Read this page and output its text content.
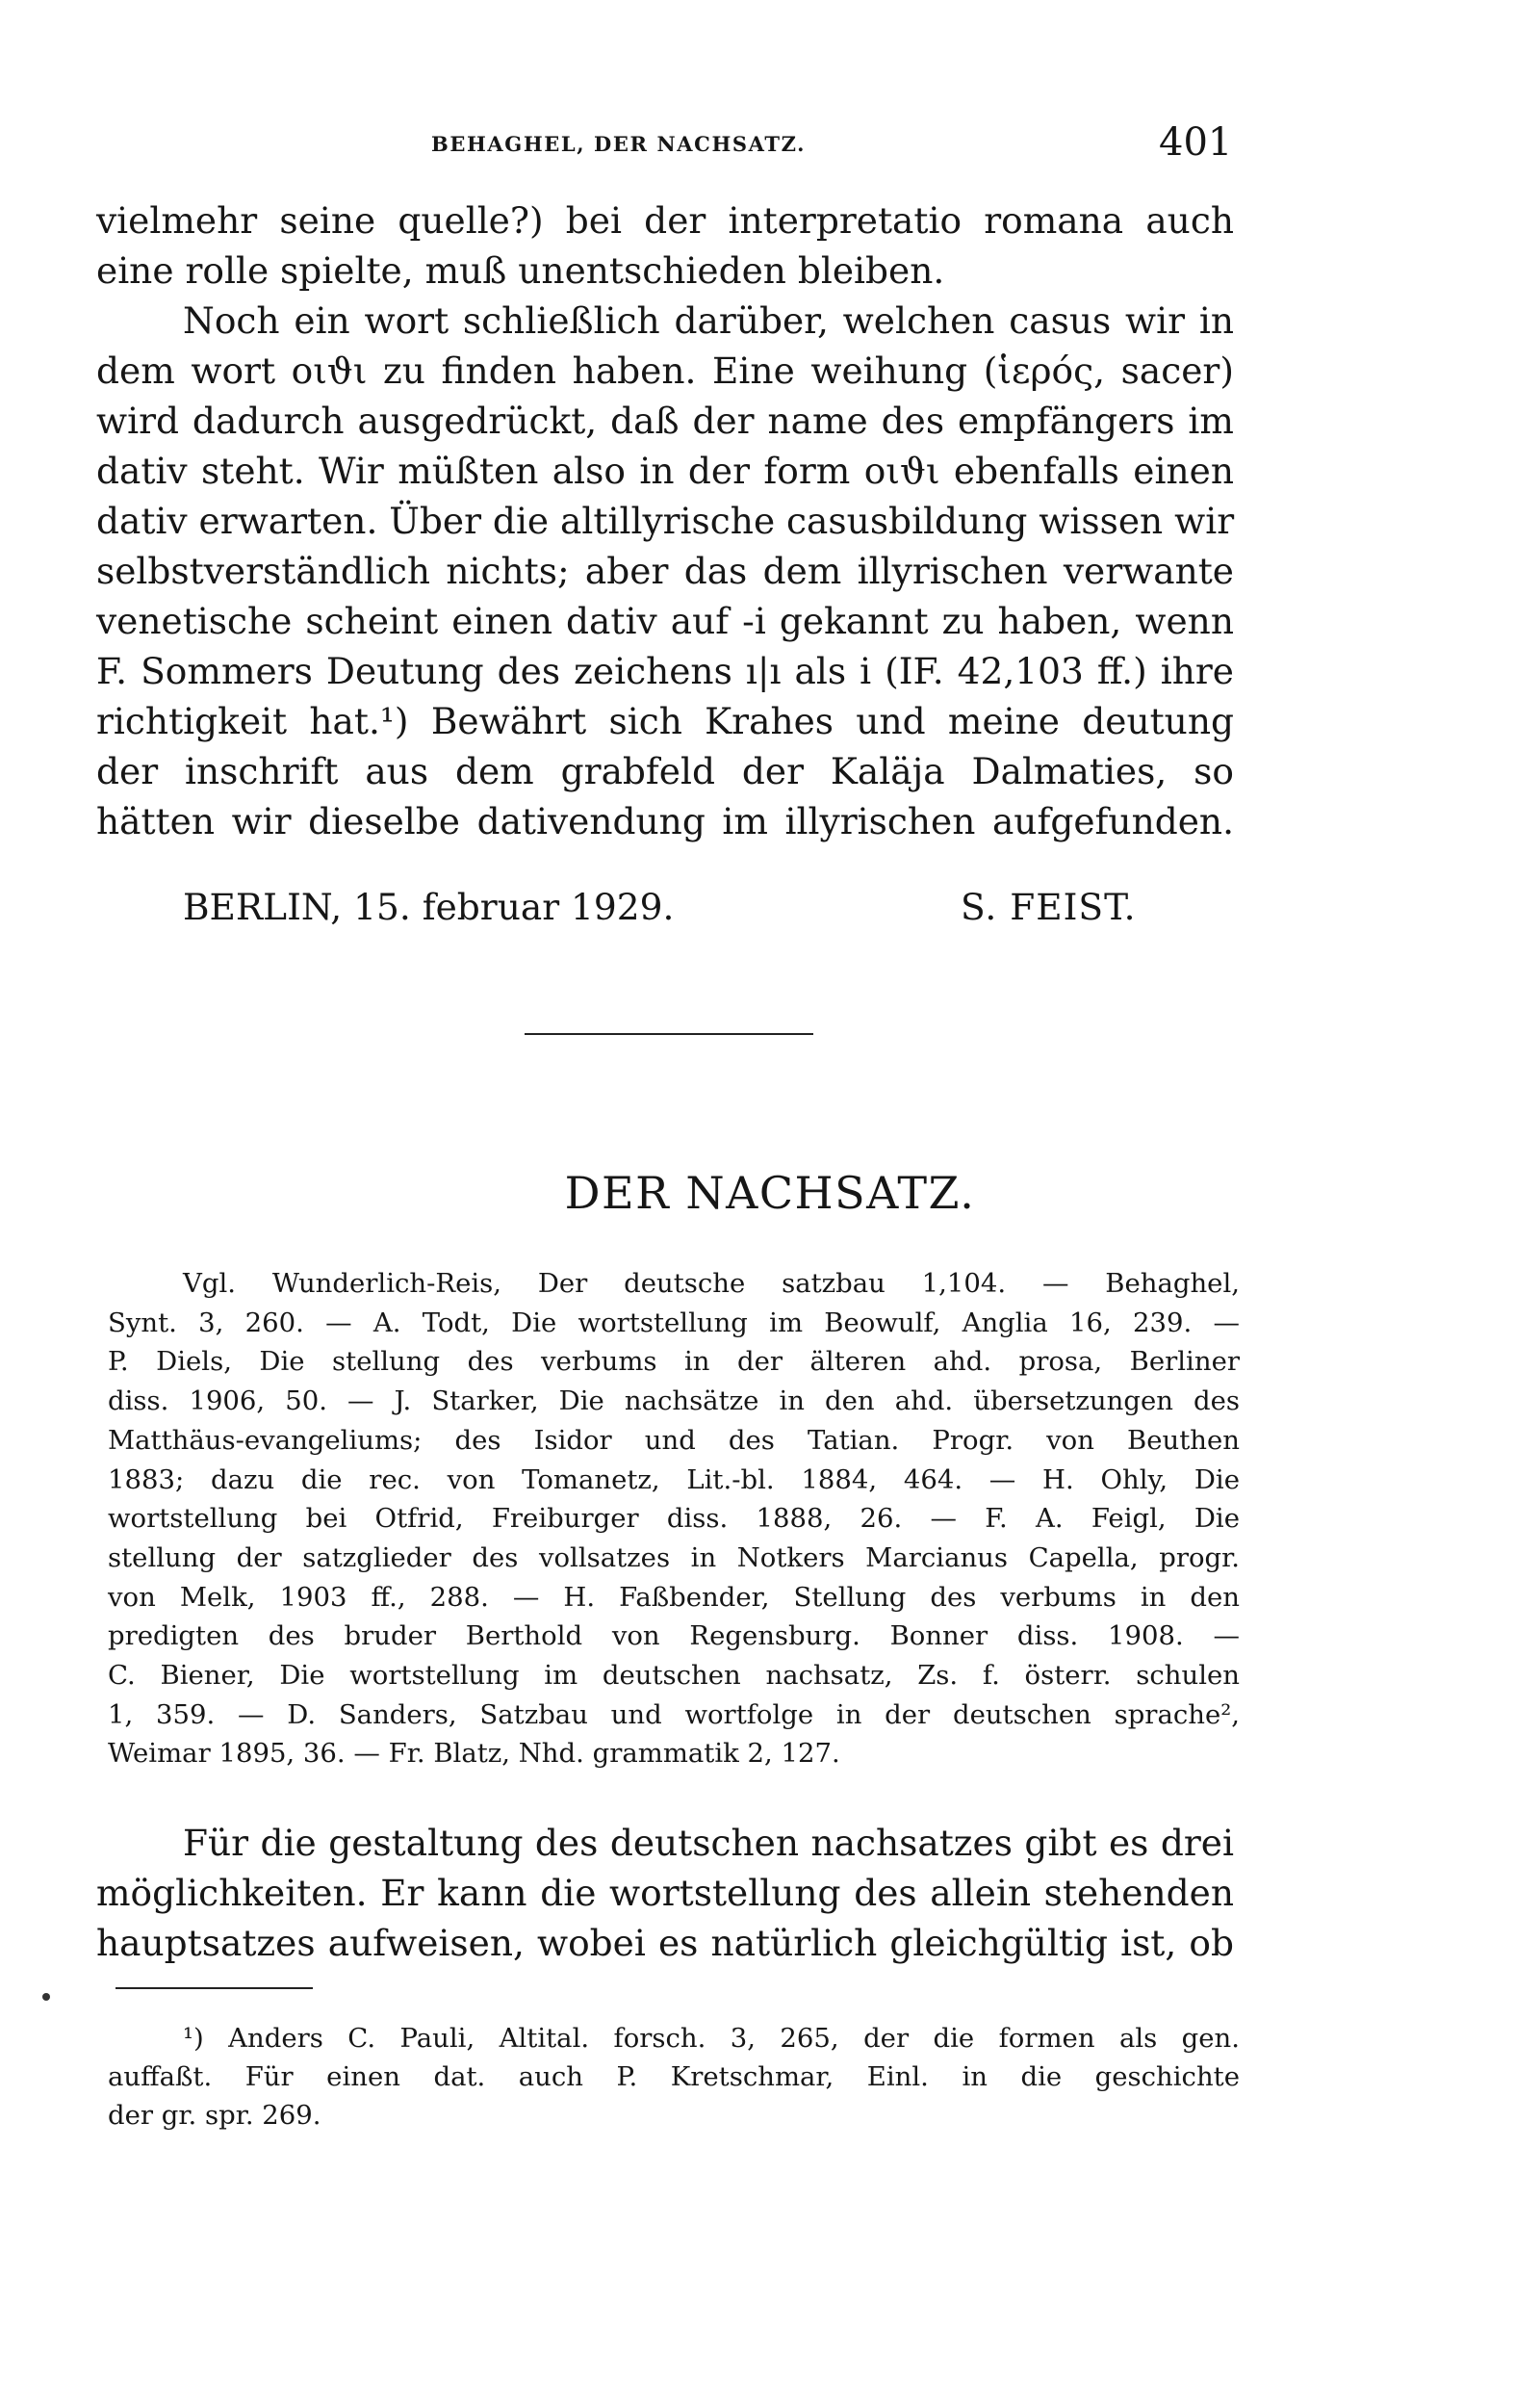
BEHAGHEL, DER NACHSATZ.	401
vielmehr seine quelle?) bei der interpretatio romana auch
eine rolle spielte, muß unentschieden bleiben.
Noch ein wort schließlich darüber, welchen casus wir in
dem wort οιϑι zu finden haben. Eine weihung (ἱερός, sacer)
wird dadurch ausgedrückt, daß der name des empfängers im
dativ steht. Wir müßten also in der form οιϑι ebenfalls einen
dativ erwarten. Über die altillyrische casusbildung wissen wir
selbstverständlich nichts; aber das dem illyrischen verwante
venetische scheint einen dativ auf -i gekannt zu haben, wenn
F. Sommers Deutung des zeichens ı|ı als i (IF. 42,103 ff.) ihre
richtigkeit hat.¹) Bewährt sich Krahes und meine deutung
der inschrift aus dem grabfeld der Kaläja Dalmaties, so
hätten wir dieselbe dativendung im illyrischen aufgefunden.
BERLIN, 15. februar 1929.	S. FEIST.
DER NACHSATZ.
Vgl. Wunderlich-Reis, Der deutsche satzbau 1,104. — Behaghel,
Synt. 3, 260. — A. Todt, Die wortstellung im Beowulf, Anglia 16, 239. —
P. Diels, Die stellung des verbums in der älteren ahd. prosa, Berliner
diss. 1906, 50. — J. Starker, Die nachsätze in den ahd. übersetzungen des
Matthäus-evangeliums; des Isidor und des Tatian. Progr. von Beuthen
1883; dazu die rec. von Tomanetz, Lit.-bl. 1884, 464. — H. Ohly, Die
wortstellung bei Otfrid, Freiburger diss. 1888, 26. — F. A. Feigl, Die
stellung der satzglieder des vollsatzes in Notkers Marcianus Capella, progr.
von Melk, 1903 ff., 288. — H. Faßbender, Stellung des verbums in den
predigten des bruder Berthold von Regensburg. Bonner diss. 1908. —
C. Biener, Die wortstellung im deutschen nachsatz, Zs. f. österr. schulen
1, 359. — D. Sanders, Satzbau und wortfolge in der deutschen sprache²,
Weimar 1895, 36. — Fr. Blatz, Nhd. grammatik 2, 127.
Für die gestaltung des deutschen nachsatzes gibt es drei
möglichkeiten. Er kann die wortstellung des allein stehenden
hauptsatzes aufweisen, wobei es natürlich gleichgültig ist, ob
¹) Anders C. Pauli, Altital. forsch. 3, 265, der die formen als gen.
auffaßt. Für einen dat. auch P. Kretschmar, Einl. in die geschichte
der gr. spr. 269.
